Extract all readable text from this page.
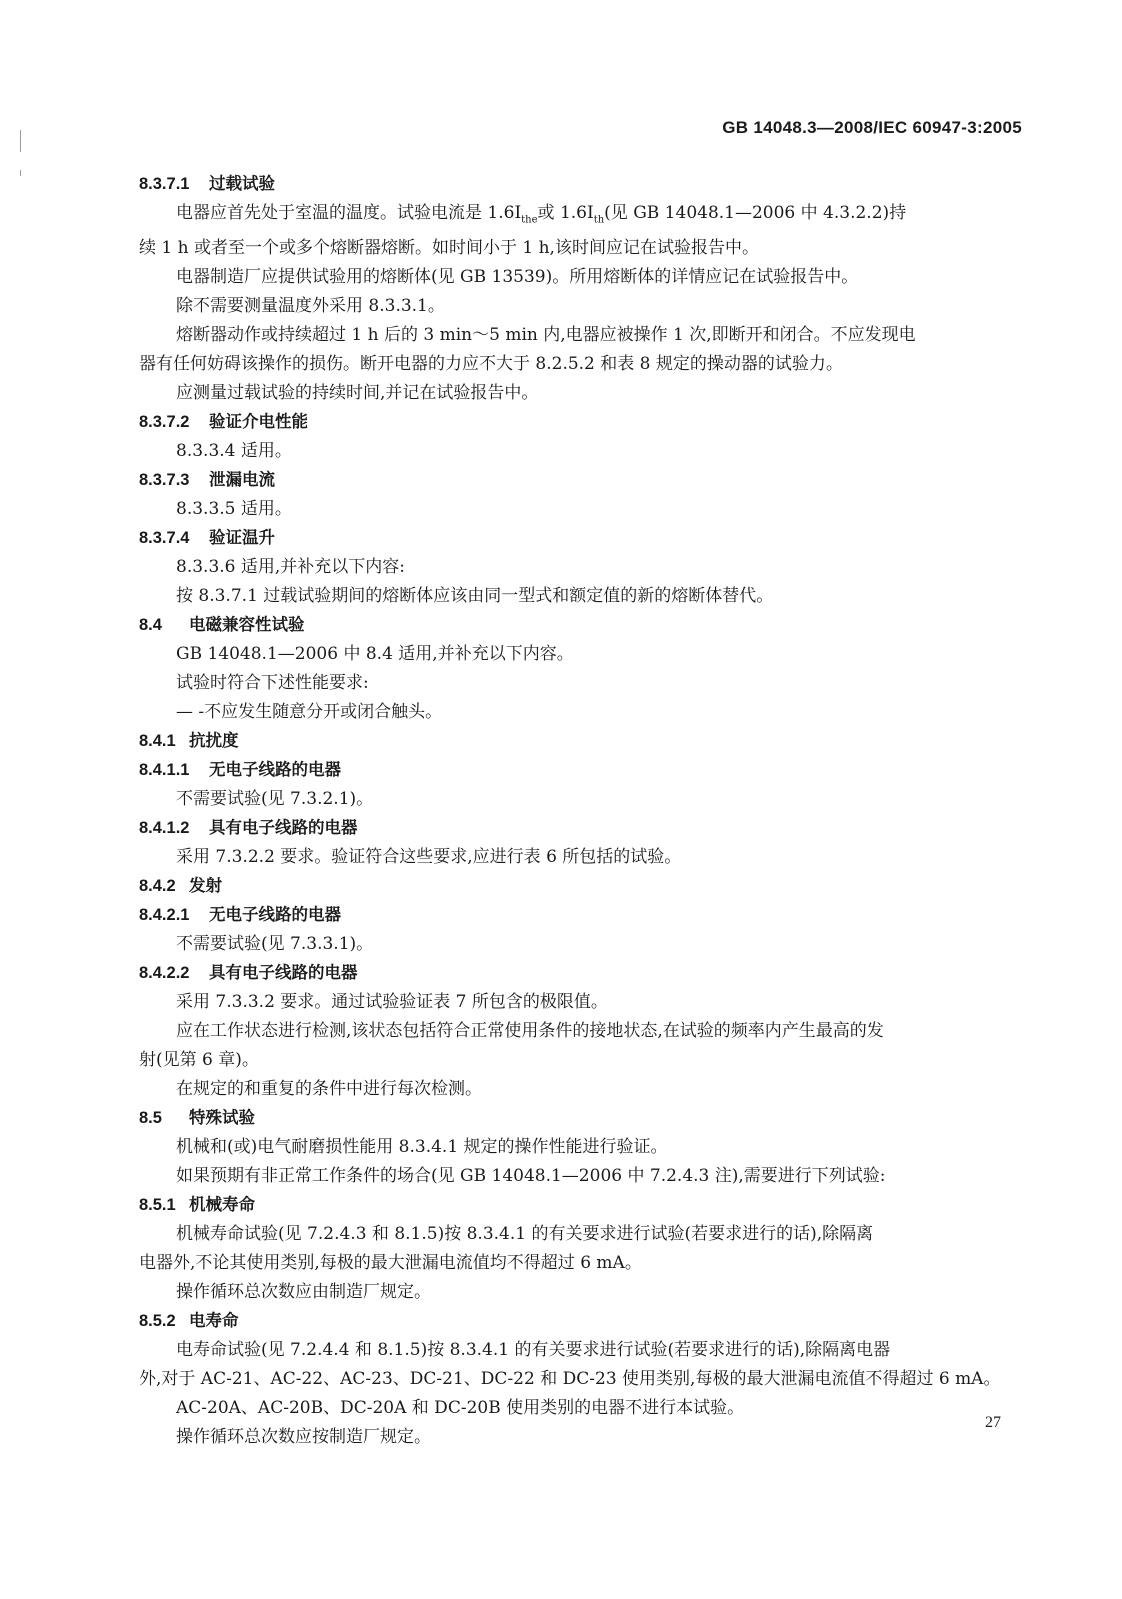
GB 14048.3—2008/IEC 60947-3:2005
8.3.7.1 过载试验
电器应首先处于室温的温度。试验电流是 $1.6I_{the}$或 $1.6I_{th}$(见 GB 14048.1—2006 中 4.3.2.2)持
续 1 h 或者至一个或多个熔断器熔断。如时间小于 1 h,该时间应记在试验报告中。
电器制造厂应提供试验用的熔断体(见 GB 13539)。所用熔断体的详情应记在试验报告中。
除不需要测量温度外采用 8.3.3.1。
熔断器动作或持续超过 1 h 后的 3 min～5 min 内,电器应被操作 1 次,即断开和闭合。不应发现电
器有任何妨碍该操作的损伤。断开电器的力应不大于 8.2.5.2 和表 8 规定的操动器的试验力。
应测量过载试验的持续时间,并记在试验报告中。
8.3.7.2 验证介电性能
8.3.3.4 适用。
8.3.7.3 泄漏电流
8.3.3.5 适用。
8.3.7.4 验证温升
8.3.3.6 适用,并补充以下内容:
按 8.3.7.1 过载试验期间的熔断体应该由同一型式和额定值的新的熔断体替代。
8.4 电磁兼容性试验
GB 14048.1—2006 中 8.4 适用,并补充以下内容。
试验时符合下述性能要求:
— -不应发生随意分开或闭合触头。
8.4.1 抗扰度
8.4.1.1 无电子线路的电器
不需要试验(见 7.3.2.1)。
8.4.1.2 具有电子线路的电器
采用 7.3.2.2 要求。验证符合这些要求,应进行表 6 所包括的试验。
8.4.2 发射
8.4.2.1 无电子线路的电器
不需要试验(见 7.3.3.1)。
8.4.2.2 具有电子线路的电器
采用 7.3.3.2 要求。通过试验验证表 7 所包含的极限值。
应在工作状态进行检测,该状态包括符合正常使用条件的接地状态,在试验的频率内产生最高的发
射(见第 6 章)。
在规定的和重复的条件中进行每次检测。
8.5 特殊试验
机械和(或)电气耐磨损性能用 8.3.4.1 规定的操作性能进行验证。
如果预期有非正常工作条件的场合(见 GB 14048.1—2006 中 7.2.4.3 注),需要进行下列试验:
8.5.1 机械寿命
机械寿命试验(见 7.2.4.3 和 8.1.5)按 8.3.4.1 的有关要求进行试验(若要求进行的话),除隔离
电器外,不论其使用类别,每极的最大泄漏电流值均不得超过 6 mA。
操作循环总次数应由制造厂规定。
8.5.2 电寿命
电寿命试验(见 7.2.4.4 和 8.1.5)按 8.3.4.1 的有关要求进行试验(若要求进行的话),除隔离电器
外,对于 AC-21、AC-22、AC-23、DC-21、DC-22 和 DC-23 使用类别,每极的最大泄漏电流值不得超过 6 mA。
AC-20A、AC-20B、DC-20A 和 DC-20B 使用类别的电器不进行本试验。
操作循环总次数应按制造厂规定。
27
